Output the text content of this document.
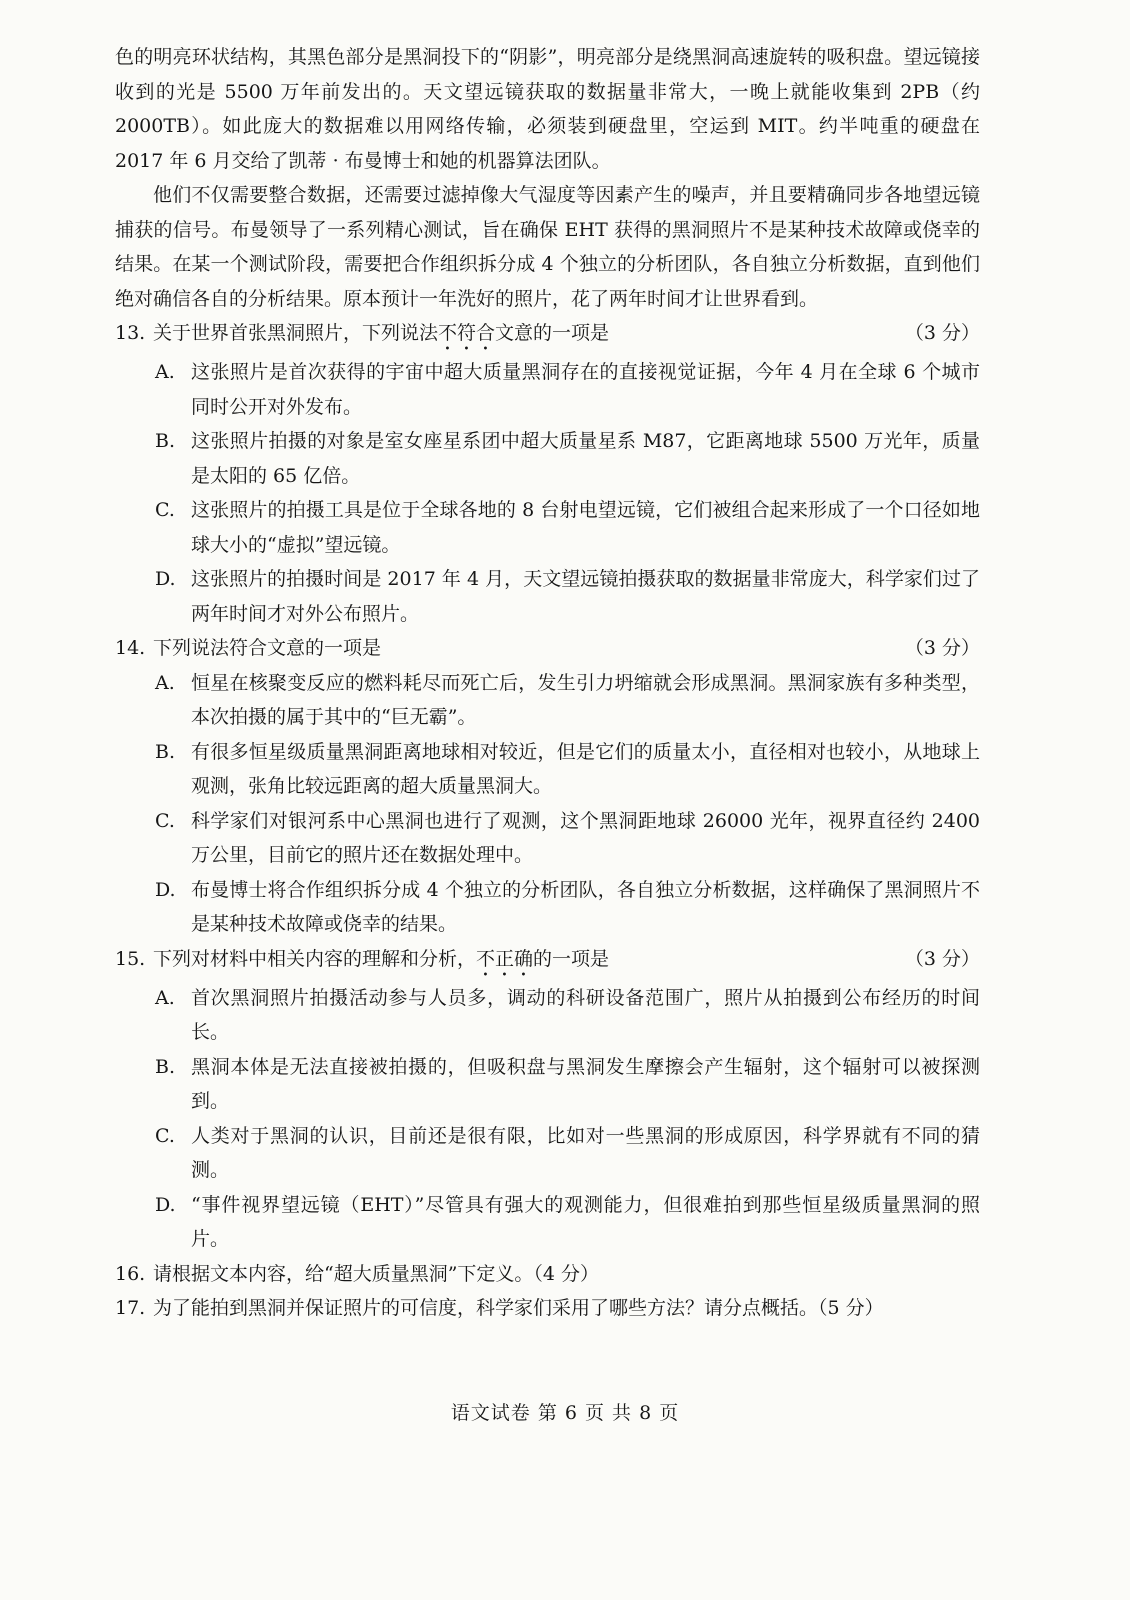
色的明亮环状结构，其黑色部分是黑洞投下的“阴影”，明亮部分是绕黑洞高速旋转的吸积盘。望远镜接收到的光是 5500 万年前发出的。天文望远镜获取的数据量非常大，一晚上就能收集到 2PB（约 2000TB）。如此庞大的数据难以用网络传输，必须装到硬盘里，空运到 MIT。约半吨重的硬盘在 2017 年 6 月交给了凯蒂 · 布曼博士和她的机器算法团队。

他们不仅需要整合数据，还需要过滤掉像大气湿度等因素产生的噪声，并且要精确同步各地望远镜捕获的信号。布曼领导了一系列精心测试，旨在确保 EHT 获得的黑洞照片不是某种技术故障或侥幸的结果。在某一个测试阶段，需要把合作组织拆分成 4 个独立的分析团队，各自独立分析数据，直到他们绝对确信各自的分析结果。原本预计一年洗好的照片，花了两年时间才让世界看到。

13. 关于世界首张黑洞照片，下列说法不符合文意的一项是	（3 分）
A. 这张照片是首次获得的宇宙中超大质量黑洞存在的直接视觉证据，今年 4 月在全球 6 个城市同时公开对外发布。
B. 这张照片拍摄的对象是室女座星系团中超大质量星系 M87，它距离地球 5500 万光年，质量是太阳的 65 亿倍。
C. 这张照片的拍摄工具是位于全球各地的 8 台射电望远镜，它们被组合起来形成了一个口径如地球大小的“虚拟”望远镜。
D. 这张照片的拍摄时间是 2017 年 4 月，天文望远镜拍摄获取的数据量非常庞大，科学家们过了两年时间才对外公布照片。
14. 下列说法符合文意的一项是	（3 分）
A. 恒星在核聚变反应的燃料耗尽而死亡后，发生引力坍缩就会形成黑洞。黑洞家族有多种类型，本次拍摄的属于其中的“巨无霸”。
B. 有很多恒星级质量黑洞距离地球相对较近，但是它们的质量太小，直径相对也较小，从地球上观测，张角比较远距离的超大质量黑洞大。
C. 科学家们对银河系中心黑洞也进行了观测，这个黑洞距地球 26000 光年，视界直径约 2400 万公里，目前它的照片还在数据处理中。
D. 布曼博士将合作组织拆分成 4 个独立的分析团队，各自独立分析数据，这样确保了黑洞照片不是某种技术故障或侥幸的结果。
15. 下列对材料中相关内容的理解和分析，不正确的一项是	（3 分）
A. 首次黑洞照片拍摄活动参与人员多，调动的科研设备范围广，照片从拍摄到公布经历的时间长。
B. 黑洞本体是无法直接被拍摄的，但吸积盘与黑洞发生摩擦会产生辐射，这个辐射可以被探测到。
C. 人类对于黑洞的认识，目前还是很有限，比如对一些黑洞的形成原因，科学界就有不同的猜测。
D. “事件视界望远镜（EHT）”尽管具有强大的观测能力，但很难拍到那些恒星级质量黑洞的照片。
16. 请根据文本内容，给“超大质量黑洞”下定义。（4 分）
17. 为了能拍到黑洞并保证照片的可信度，科学家们采用了哪些方法？请分点概括。（5 分）
语文试卷 第 6 页 共 8 页
